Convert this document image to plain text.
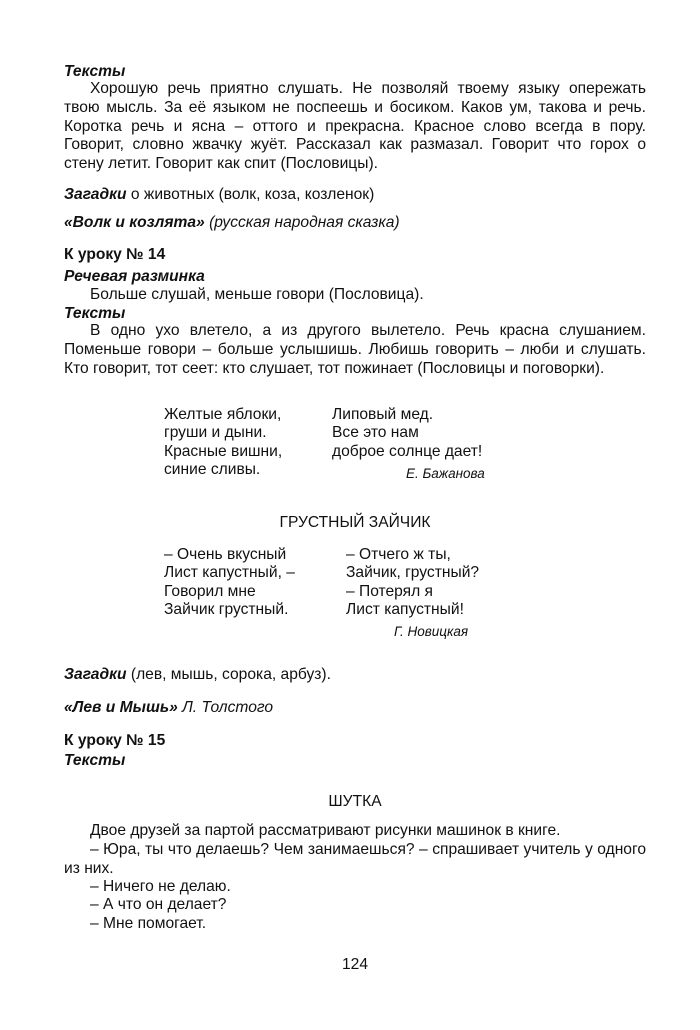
Тексты

Хорошую речь приятно слушать. Не позволяй твоему языку опережать твою мысль. За её языком не поспеешь и босиком. Каков ум, такова и речь. Коротка речь и ясна – оттого и прекрасна. Красное слово всегда в пору. Говорит, словно жвачку жуёт. Рассказал как размазал. Говорит что горох о стену летит. Говорит как спит (Пословицы).

Загадки о животных (волк, коза, козленок)
«Волк и козлята» (русская народная сказка)
К уроку № 14
Речевая разминка
Больше слушай, меньше говори (Пословица).
Тексты

В одно ухо влетело, а из другого вылетело. Речь красна слушанием. Поменьше говори – больше услышишь. Любишь говорить – люби и слушать. Кто говорит, тот сеет: кто слушает, тот пожинает (Пословицы и поговорки).

Желтые яблоки,
груши и дыни.
Красные вишни,
синие сливы.
Липовый мед.
Все это нам
доброе солнце дает!
Е. Бажанова
ГРУСТНЫЙ ЗАЙЧИК
– Очень вкусный
Лист капустный, –
Говорил мне
Зайчик грустный.
– Отчего ж ты,
Зайчик, грустный?
– Потерял я
Лист капустный!
Г. Новицкая
Загадки (лев, мышь, сорока, арбуз).
«Лев и Мышь» Л. Толстого
К уроку № 15
Тексты
ШУТКА
Двое друзей за партой рассматривают рисунки машинок в книге.

– Юра, ты что делаешь? Чем занимаешься? – спрашивает учитель у одного из них.

– Ничего не делаю.
– А что он делает?
– Мне помогает.
124
